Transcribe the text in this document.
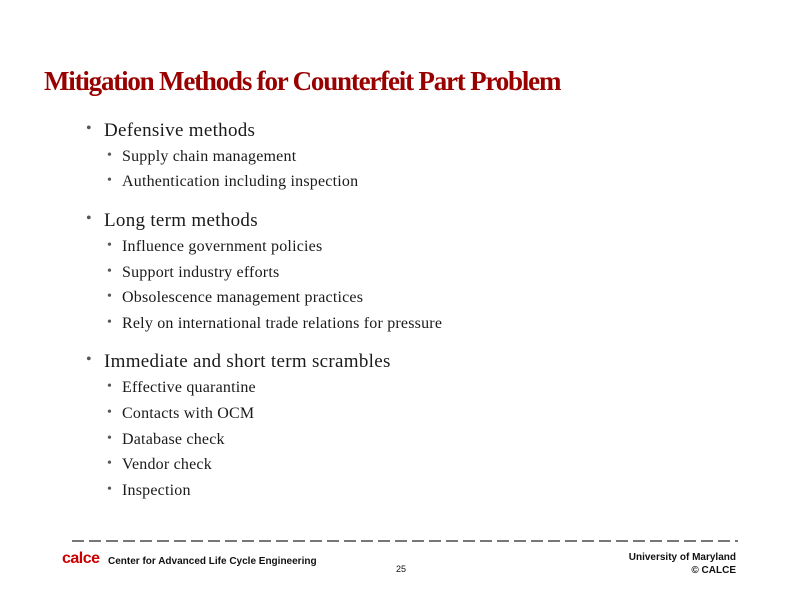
Mitigation Methods for Counterfeit Part Problem
• Defensive methods
• Supply chain management
• Authentication including inspection
• Long term methods
• Influence government policies
• Support industry efforts
• Obsolescence management practices
• Rely on international trade relations for pressure
• Immediate and short term scrambles
• Effective quarantine
• Contacts with OCM
• Database check
• Vendor check
• Inspection
calce Center for Advanced Life Cycle Engineering
25
University of Maryland
© CALCE
